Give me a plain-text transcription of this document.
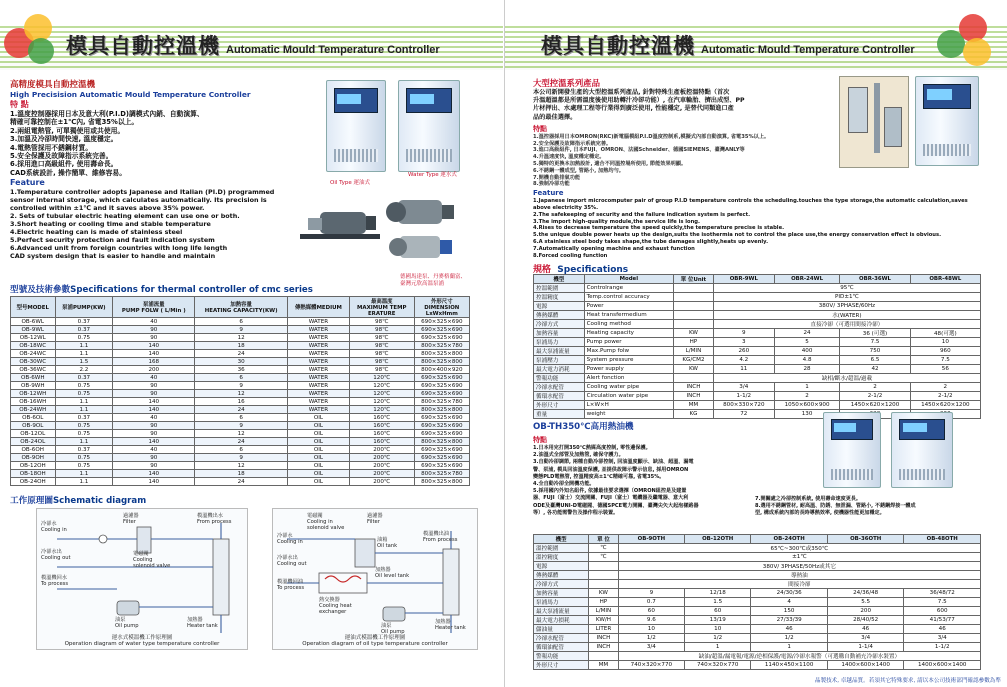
模具自動控溫機 Automatic Mould Temperature Controller
高精度模具自動控溫機
High Precisision Automatic Mould Temperature Controller
特 點
1.溫度控制器採用日本及意大利(P.I.D)調模式內銷、自動演算、
精確可靠控制在±1℃內, 省電35%以上。
2.兩組電熱管, 可單獨使用或共使用。
3.加溫及冷卻時間快速, 溫度穩定。
4.電熱管採用不銹鋼材質。
5.安全保護及故障指示系統完善。
6.採用進口高級組件, 使用壽命長。
CAD系統設計, 操作簡單、維修容易。
Feature
1.Temperature controller adopts Japanese and Italian (PI.D) programmed
sensor internal storage, which calculates automatically. Its precision is
controlled within ±1℃ and it saves above 35% power.
2. Sets of tubular electric heating element can use one or both.
3.Short heating or cooling time and stable temperature
4.Electric heating can is made of stainless steel
5.Perfect security protection and fault indication system
6.Advanced unit from foreign countries with long life length
CAD system design that is easier to handle and maintain
Oil Type 運油式
Water Type 運水式
德國馬達泵、丹麥格蘭富、
臺灣元欣高溫泵浦
型號及技術參數Specifications for thermal controller of cmc series
型号MODEL	泵浦PUMP(KW)	泵浦流量
PUMP FOLW ( L/Min )	加熱容量
HEATING CAPACITY(KW)	傳熱媒體MEDIUM	最高溫度
MAXIMUM TEMP
ERATURE	外形尺寸
DIMENSION
LxWxHmm
OB-6WL	0.37	40	6	WATER	98℃	690×325×690
OB-9WL	0.37	90	9	WATER	98℃	690×325×690
OB-12WL	0.75	90	12	WATER	98℃	690×325×690
OB-18WC	1.1	140	18	WATER	98℃	800×325×780
OB-24WC	1.1	140	24	WATER	98℃	800×325×800
OB-30WC	1.5	168	30	WATER	98℃	800×325×800
OB-36WC	2.2	200	36	WATER	98℃	800×400×920
OB-6WH	0.37	40	6	WATER	120℃	690×325×690
OB-9WH	0.75	90	9	WATER	120℃	690×325×690
OB-12WH	0.75	90	12	WATER	120℃	690×325×690
OB-16WH	1.1	140	16	WATER	120℃	800×325×780
OB-24WH	1.1	140	24	WATER	120℃	800×325×800
OB-6OL	0.37	40	6	OIL	160℃	690×325×690
OB-9OL	0.75	90	9	OIL	160℃	690×325×690
OB-12OL	0.75	90	12	OIL	160℃	690×325×690
OB-24OL	1.1	140	24	OIL	160℃	800×325×800
OB-6OH	0.37	40	6	OIL	200℃	690×325×690
OB-9OH	0.75	90	9	OIL	200℃	690×325×690
OB-12OH	0.75	90	12	OIL	200℃	690×325×690
OB-18OH	1.1	140	18	OIL	200℃	800×325×780
OB-24OH	1.1	140	24	OIL	200℃	800×325×800
工作原理圖Schematic diagram
過濾器
Filter
冷卻水
Cooling in
電磁閥
Cooling
solenoid valve
冷卻水出
Cooling out
模溫機出水
From process
模溫機回水
To process
油泵
Oil pump
加熱器
Heater tank
運水式模溫機工作原理圖
Operation diagram of water type temperature controller
電磁閥
Cooling in
solenoid valve
過濾器
Filter
冷卻水
Cooling in
冷卻水出
Cooling out
油箱
Oil tank
加熱器
Oil level tank
熱交換器
Cooling heat
exchanger
模溫機出油
From process
模溫機回油
To process
油泵
Oil pump
加熱器
Heater tank
運油式模溫機工作原理圖
Operation diagram of oil type temperature controller
模具自動控溫機 Automatic Mould Temperature Controller
大型控溫系列產品
本公司新開發生產的大型控溫系列產品, 針對特殊生產板控溫特點（首次
升溫超溫都是所需溫度後使用助轉汁冷卻功能）, 在汽車輪胎、擠出成型、PP
片材押出、水處理工程等行業得到廣泛使用, 性能穩定, 是替代同類進口產
品的最佳選擇。
特點
1.溫控器採用日本OMRON(RKC)新電腦模組P.I.D溫度控制系,模擬式內部自動演算, 省電35%以上。
2.安全保護及故障指示系統完善。
3.進口高級組件, 日本FUJI、OMRON、法國Schneider、德國SIEMENS、臺灣ANLY等
4.升溫速度快, 溫度穩定穩定。
5.獨特的更換本加熱設計, 適合不同溫控場所使用, 節能效果明顯。
6.不銹鋼一體成型, 管路小, 加熱均勻。
7.開機自動排氣功能
8.強制冷卻功能
Feature
1.Japanese import microcomputer pair of group P.I.D temperature controls the scheduling.touches the type storage,the automatic calculation,saves
above electricity 35%.
2.The safekeeping of security and the failure indication system is perfect.
3.The import high-quality module,the service life is long.
4.Rises to decrease temperature the speed quickly,the temperature precise is stable.
5.the unique double power heats up the design,suits the isothermia not to control the place use,the energy conservation effect is obvious.
6.A stainless steel body takes shape,the tube damages slightly,heats up evenly.
7.Automatically opening machine and exhaust function
8.Forced cooling function
規格 Specifications
機型	Model	單 位Unit	OBR-9WL	OBR-24WL	OBR-36WL	OBR-48WL
控溫範圍	Controlrange		95℃			
控溫精度	Temp.control accuracy		PID±1℃			
電源	Power		380V/ 3PHASE/60Hz			
傳熱媒體	Heat transfermedium		水(WATER)			
冷卻方式	Cooling method		直接冷卻（可選用間接冷卻）			
加熱容量	Heating capacity	KW	9	24	36 (可選)	48(可選)
泵浦馬力	Pump power	HP	3	5	7.5	10
最大泵浦流量	Max.Pump folw	L/MIN	260	400	750	960
泵浦壓力	System pressure	KG/CM2	4.2	4.8	6.5	7.5
最大電力消耗	Power supply	KW	11	28	42	56
警報功能	Alert fonction		缺相/斷水/超溫/過載			
冷卻水配管	Cooling water pipe	INCH	3/4	1	2	2
循環水配管	Circulation water pipe	INCH	1-1/2	2	2-1/2	2-1/2
外形尺寸	L×W×H	MM	800×330×720	1050×600×900	1450×620×1200	1450×620×1200
重量	weight	KG	72	130		
OB-TH350℃高用熱油機
特點
1.日本用完打開350℃熱媒高度控制, 零性邊保護。
2.油溫式全部管及加熱管, 確保守護力。
3.自動冷卻調節, 兩種自動冷卻控制, 回油溫度顯示、缺油、超溫、漏電
警、泵浦, 模具回油溫度保護, 並提供故障示警示信息, 採用OMRON
變態PLD電熱管, 控溫精度高±1℃精確可靠, 省電35%。
4.全自動冷卻全開機功能。
5.採用國內外知名組件, 依據最佳要求選擇（OMRON組控是及建置
器、FUJI（富士）交流開關、FUJI（富士）電纜器及繼電器、意大利
ODE及臺灣UNI-D電磁閥、德國SPCE電力開關、臺灣尖矢大起泡樣路器
等）, 各功能需警告及操作程示裝置。
7.開關處之冷卻控制系統, 使用壽命速度更長。
8.選用不銹鋼管材, 耐高溫、防銹、無泄漏、管路小, 不銹鋼焊接一體成
型, 構成系統內部的長時導熱效率, 使機器性能更加穩定。
機型	單 位	OB-9OTH	OB-12OTH	OB-24OTH	OB-36OTH	OB-48OTH
溫控範圍	℃	65℃~300℃或350℃				
溫控精度	℃	±1℃				
電源		380V/ 3PHASE/50Hz或其它				
傳熱媒體		導熱油				
冷卻方式		間接冷卻				
加熱容量	KW	9	12/18	24/30/36	24/36/48	36/48/72
泵浦馬力	HP	0.7	1.5	4	5.5	7.5
最大泵浦流量	L/MIN	60	60	150	200	600
最大電力損耗	KW/H	9.6	13/19	27/33/39	28/40/52	41/53/77
儲油量	LITER	10	10	46	46	46
冷卻水配管	INCH	1/2	1/2	1/2	3/4	3/4
循環油配管	INCH	3/4	1	1	1-1/4	1-1/2
警報功能		缺油/超溫/漏電報/電源/逆相保護/電源/冷卻水報警（可選購自動補充冷卻水裝置）				
外形尺寸	MM	740×320×770	740×320×770	1140×450×1100	1400×600×1400	1400×600×1400
晶製技术, 卓越品質。若須其它特殊要求, 請以本公司技術部門確認參數為準
